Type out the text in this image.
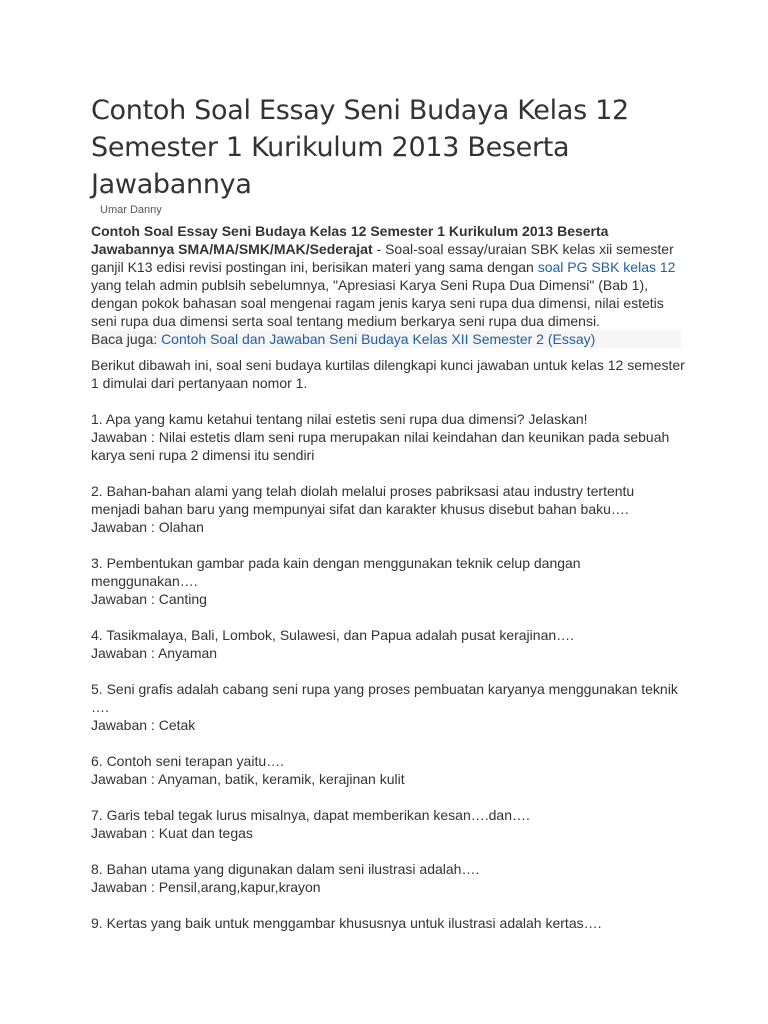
Contoh Soal Essay Seni Budaya Kelas 12 Semester 1 Kurikulum 2013 Beserta Jawabannya

Umar Danny

Contoh Soal Essay Seni Budaya Kelas 12 Semester 1 Kurikulum 2013 Beserta Jawabannya SMA/MA/SMK/MAK/Sederajat - Soal-soal essay/uraian SBK kelas xii semester ganjil K13 edisi revisi postingan ini, berisikan materi yang sama dengan soal PG SBK kelas 12 yang telah admin publsih sebelumnya, "Apresiasi Karya Seni Rupa Dua Dimensi" (Bab 1), dengan pokok bahasan soal mengenai ragam jenis karya seni rupa dua dimensi, nilai estetis seni rupa dua dimensi serta soal tentang medium berkarya seni rupa dua dimensi.

Baca juga: Contoh Soal dan Jawaban Seni Budaya Kelas XII Semester 2 (Essay)

Berikut dibawah ini, soal seni budaya kurtilas dilengkapi kunci jawaban untuk kelas 12 semester 1 dimulai dari pertanyaan nomor 1.

1. Apa yang kamu ketahui tentang nilai estetis seni rupa dua dimensi? Jelaskan!
Jawaban : Nilai estetis dlam seni rupa merupakan nilai keindahan dan keunikan pada sebuah karya seni rupa 2 dimensi itu sendiri
2. Bahan-bahan alami yang telah diolah melalui proses pabriksasi atau industry tertentu menjadi bahan baru yang mempunyai sifat dan karakter khusus disebut bahan baku….
Jawaban : Olahan
3. Pembentukan gambar pada kain dengan menggunakan teknik celup dangan menggunakan….
Jawaban : Canting
4. Tasikmalaya, Bali, Lombok, Sulawesi, dan Papua adalah pusat kerajinan….
Jawaban : Anyaman
5. Seni grafis adalah cabang seni rupa yang proses pembuatan karyanya menggunakan teknik ….
Jawaban : Cetak
6. Contoh seni terapan yaitu….
Jawaban : Anyaman, batik, keramik, kerajinan kulit
7. Garis tebal tegak lurus misalnya, dapat memberikan kesan….dan….
Jawaban : Kuat dan tegas
8. Bahan utama yang digunakan dalam seni ilustrasi adalah….
Jawaban : Pensil,arang,kapur,krayon
9. Kertas yang baik untuk menggambar khususnya untuk ilustrasi adalah kertas….
